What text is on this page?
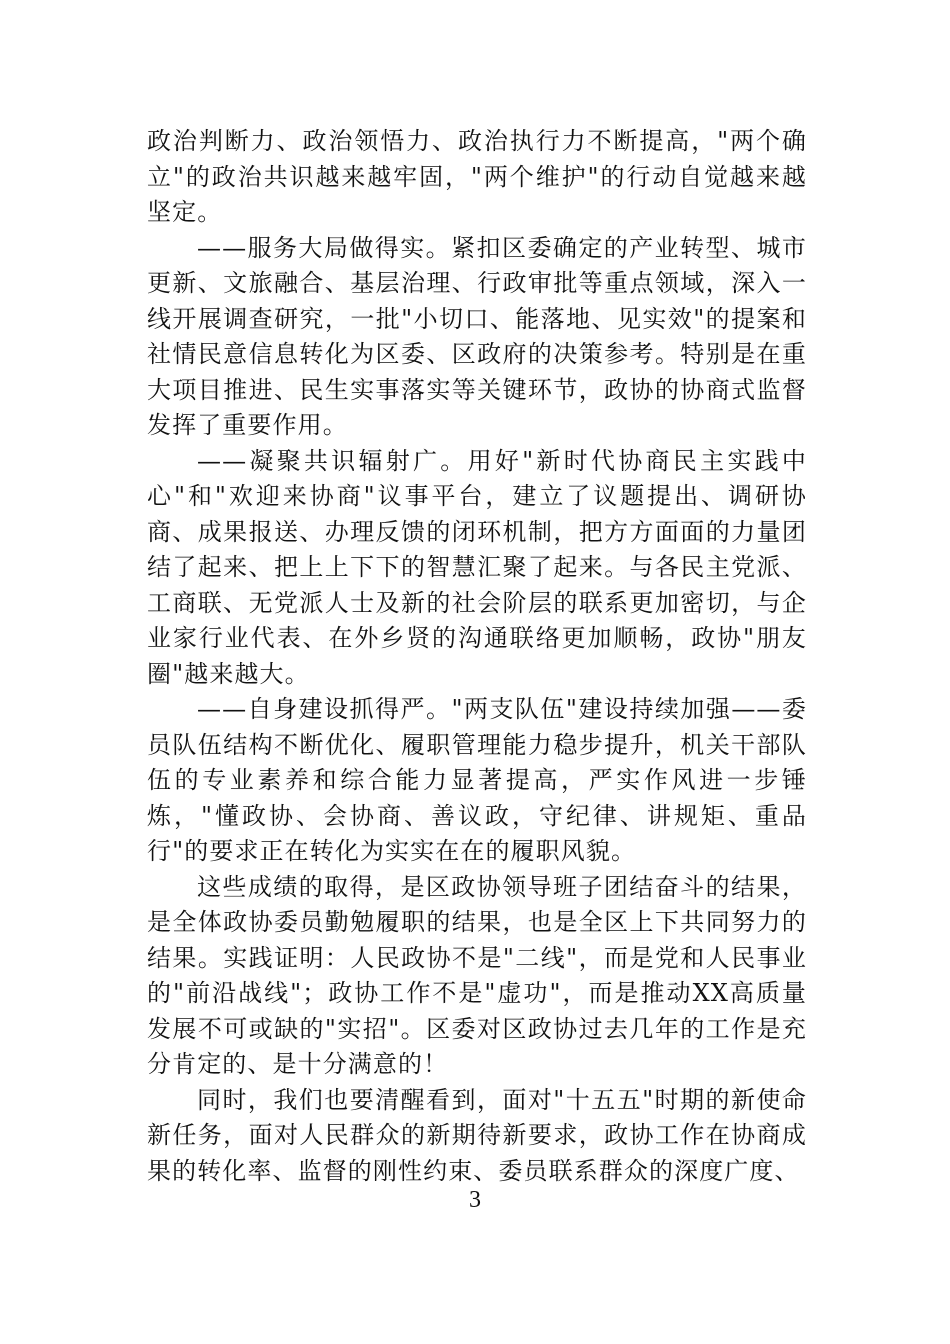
政治判断力、政治领悟力、政治执行力不断提高，"两个确立"的政治共识越来越牢固，"两个维护"的行动自觉越来越坚定。

——服务大局做得实。紧扣区委确定的产业转型、城市更新、文旅融合、基层治理、行政审批等重点领域，深入一线开展调查研究，一批"小切口、能落地、见实效"的提案和社情民意信息转化为区委、区政府的决策参考。特别是在重大项目推进、民生实事落实等关键环节，政协的协商式监督发挥了重要作用。

——凝聚共识辐射广。用好"新时代协商民主实践中心"和"欢迎来协商"议事平台，建立了议题提出、调研协商、成果报送、办理反馈的闭环机制，把方方面面的力量团结了起来、把上上下下的智慧汇聚了起来。与各民主党派、工商联、无党派人士及新的社会阶层的联系更加密切，与企业家行业代表、在外乡贤的沟通联络更加顺畅，政协"朋友圈"越来越大。

——自身建设抓得严。"两支队伍"建设持续加强——委员队伍结构不断优化、履职管理能力稳步提升，机关干部队伍的专业素养和综合能力显著提高，严实作风进一步锤炼，"懂政协、会协商、善议政，守纪律、讲规矩、重品行"的要求正在转化为实实在在的履职风貌。

这些成绩的取得，是区政协领导班子团结奋斗的结果，是全体政协委员勤勉履职的结果，也是全区上下共同努力的结果。实践证明：人民政协不是"二线"，而是党和人民事业的"前沿战线"；政协工作不是"虚功"，而是推动XX高质量发展不可或缺的"实招"。区委对区政协过去几年的工作是充分肯定的、是十分满意的！

同时，我们也要清醒看到，面对"十五五"时期的新使命新任务，面对人民群众的新期待新要求，政协工作在协商成果的转化率、监督的刚性约束、委员联系群众的深度广度、

3
